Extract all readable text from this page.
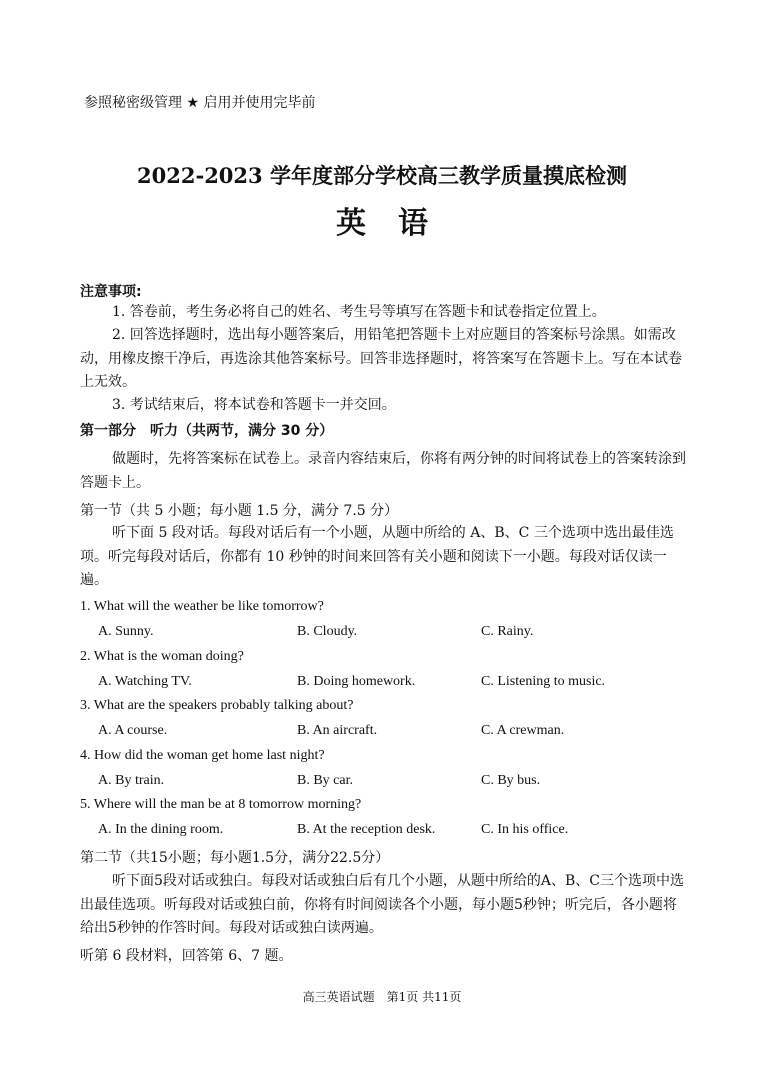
参照秘密级管理 ★ 启用并使用完毕前
2022-2023 学年度部分学校高三教学质量摸底检测
英语
注意事项:
1. 答卷前，考生务必将自己的姓名、考生号等填写在答题卡和试卷指定位置上。
2. 回答选择题时，选出每小题答案后，用铅笔把答题卡上对应题目的答案标号涂黑。如需改动，用橡皮擦干净后，再选涂其他答案标号。回答非选择题时，将答案写在答题卡上。写在本试卷上无效。
3. 考试结束后，将本试卷和答题卡一并交回。
第一部分　听力（共两节，满分 30 分）
做题时，先将答案标在试卷上。录音内容结束后，你将有两分钟的时间将试卷上的答案转涂到答题卡上。
第一节（共 5 小题；每小题 1.5 分，满分 7.5 分）
听下面 5 段对话。每段对话后有一个小题，从题中所给的 A、B、C 三个选项中选出最佳选项。听完每段对话后，你都有 10 秒钟的时间来回答有关小题和阅读下一小题。每段对话仅读一遍。
1. What will the weather be like tomorrow?
A. Sunny.	B. Cloudy.	C. Rainy.
2. What is the woman doing?
A. Watching TV.	B. Doing homework.	C. Listening to music.
3. What are the speakers probably talking about?
A. A course.	B. An aircraft.	C. A crewman.
4. How did the woman get home last night?
A. By train.	B. By car.	C. By bus.
5. Where will the man be at 8 tomorrow morning?
A. In the dining room.	B. At the reception desk.	C. In his office.
第二节（共15小题；每小题1.5分，满分22.5分）
听下面5段对话或独白。每段对话或独白后有几个小题，从题中所给的A、B、C三个选项中选出最佳选项。听每段对话或独白前，你将有时间阅读各个小题，每小题5秒钟；听完后，各小题将给出5秒钟的作答时间。每段对话或独白读两遍。
听第 6 段材料，回答第 6、7 题。
高三英语试题　第1页 共11页
